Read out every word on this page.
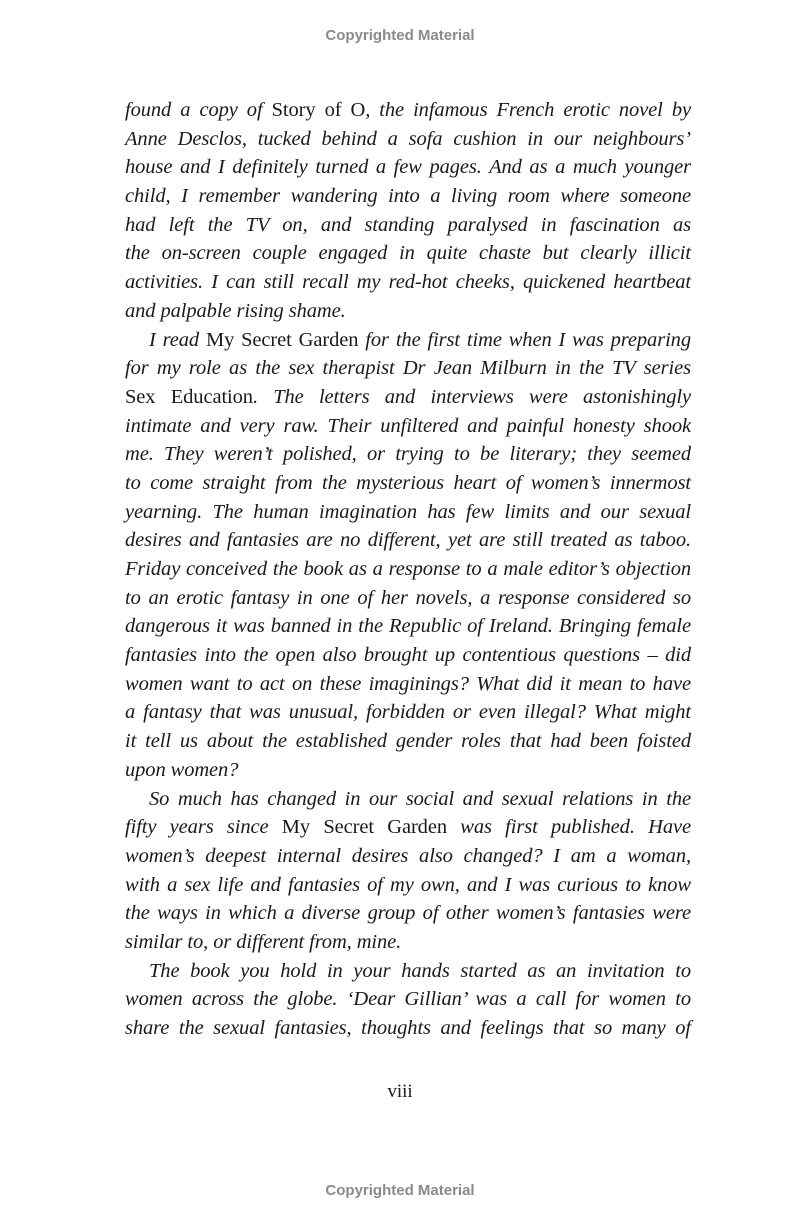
Copyrighted Material
found a copy of Story of O, the infamous French erotic novel by
Anne Desclos, tucked behind a sofa cushion in our neighbours’
house and I definitely turned a few pages. And as a much younger
child, I remember wandering into a living room where someone
had left the TV on, and standing paralysed in fascination as
the on-screen couple engaged in quite chaste but clearly illicit
activities. I can still recall my red-hot cheeks, quickened heartbeat
and palpable rising shame.
I read My Secret Garden for the first time when I was preparing
for my role as the sex therapist Dr Jean Milburn in the TV series
Sex Education. The letters and interviews were astonishingly
intimate and very raw. Their unfiltered and painful honesty shook
me. They weren’t polished, or trying to be literary; they seemed
to come straight from the mysterious heart of women’s innermost
yearning. The human imagination has few limits and our sexual
desires and fantasies are no different, yet are still treated as taboo.
Friday conceived the book as a response to a male editor’s objection
to an erotic fantasy in one of her novels, a response considered so
dangerous it was banned in the Republic of Ireland. Bringing female
fantasies into the open also brought up contentious questions – did
women want to act on these imaginings? What did it mean to have
a fantasy that was unusual, forbidden or even illegal? What might
it tell us about the established gender roles that had been foisted
upon women?
So much has changed in our social and sexual relations in the
fifty years since My Secret Garden was first published. Have
women’s deepest internal desires also changed? I am a woman,
with a sex life and fantasies of my own, and I was curious to know
the ways in which a diverse group of other women’s fantasies were
similar to, or different from, mine.
The book you hold in your hands started as an invitation to
women across the globe. ‘Dear Gillian’ was a call for women to
share the sexual fantasies, thoughts and feelings that so many of
viii
Copyrighted Material
